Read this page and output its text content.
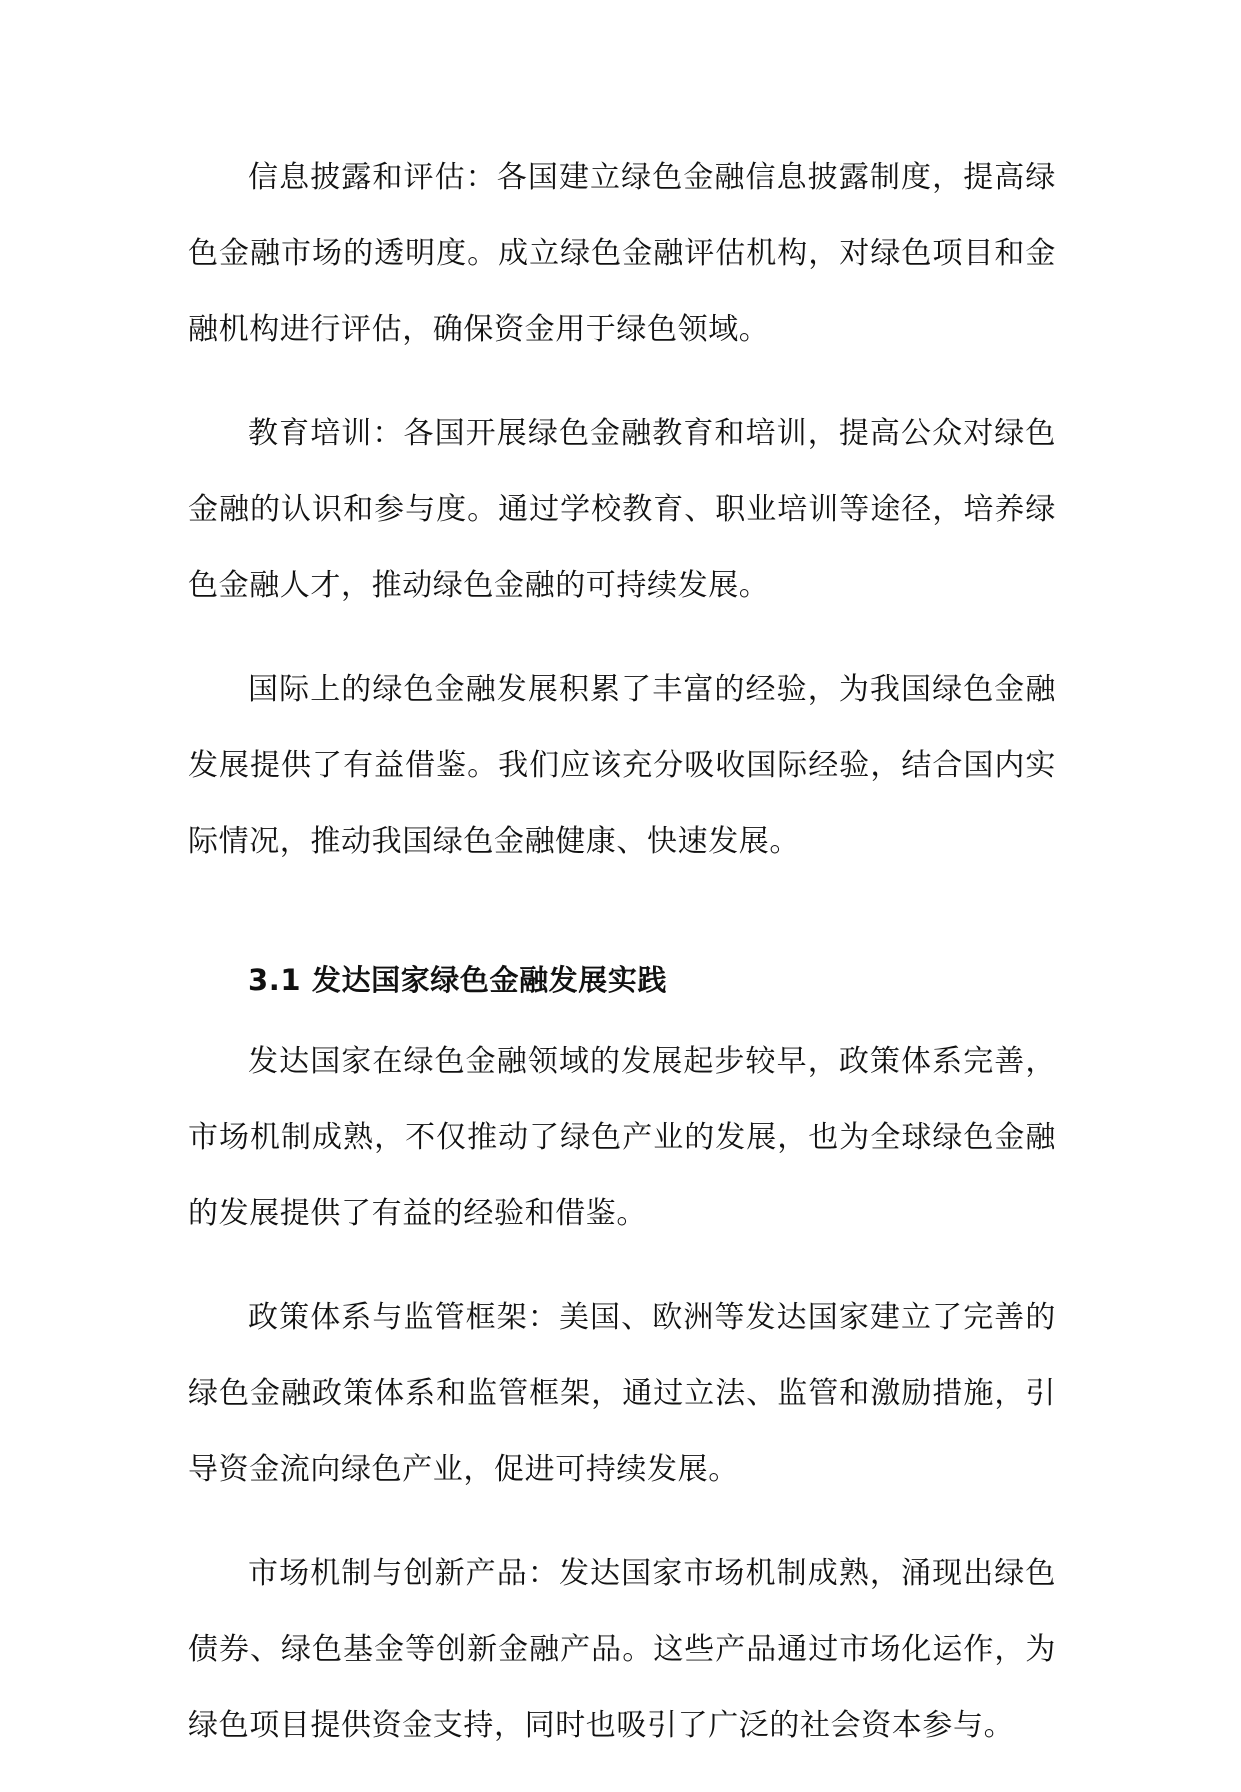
信息披露和评估：各国建立绿色金融信息披露制度，提高绿色金融市场的透明度。成立绿色金融评估机构，对绿色项目和金融机构进行评估，确保资金用于绿色领域。

教育培训：各国开展绿色金融教育和培训，提高公众对绿色金融的认识和参与度。通过学校教育、职业培训等途径，培养绿色金融人才，推动绿色金融的可持续发展。

国际上的绿色金融发展积累了丰富的经验，为我国绿色金融发展提供了有益借鉴。我们应该充分吸收国际经验，结合国内实际情况，推动我国绿色金融健康、快速发展。

3.1 发达国家绿色金融发展实践

发达国家在绿色金融领域的发展起步较早，政策体系完善，市场机制成熟，不仅推动了绿色产业的发展，也为全球绿色金融的发展提供了有益的经验和借鉴。

政策体系与监管框架：美国、欧洲等发达国家建立了完善的绿色金融政策体系和监管框架，通过立法、监管和激励措施，引导资金流向绿色产业，促进可持续发展。

市场机制与创新产品：发达国家市场机制成熟，涌现出绿色债券、绿色基金等创新金融产品。这些产品通过市场化运作，为绿色项目提供资金支持，同时也吸引了广泛的社会资本参与。
